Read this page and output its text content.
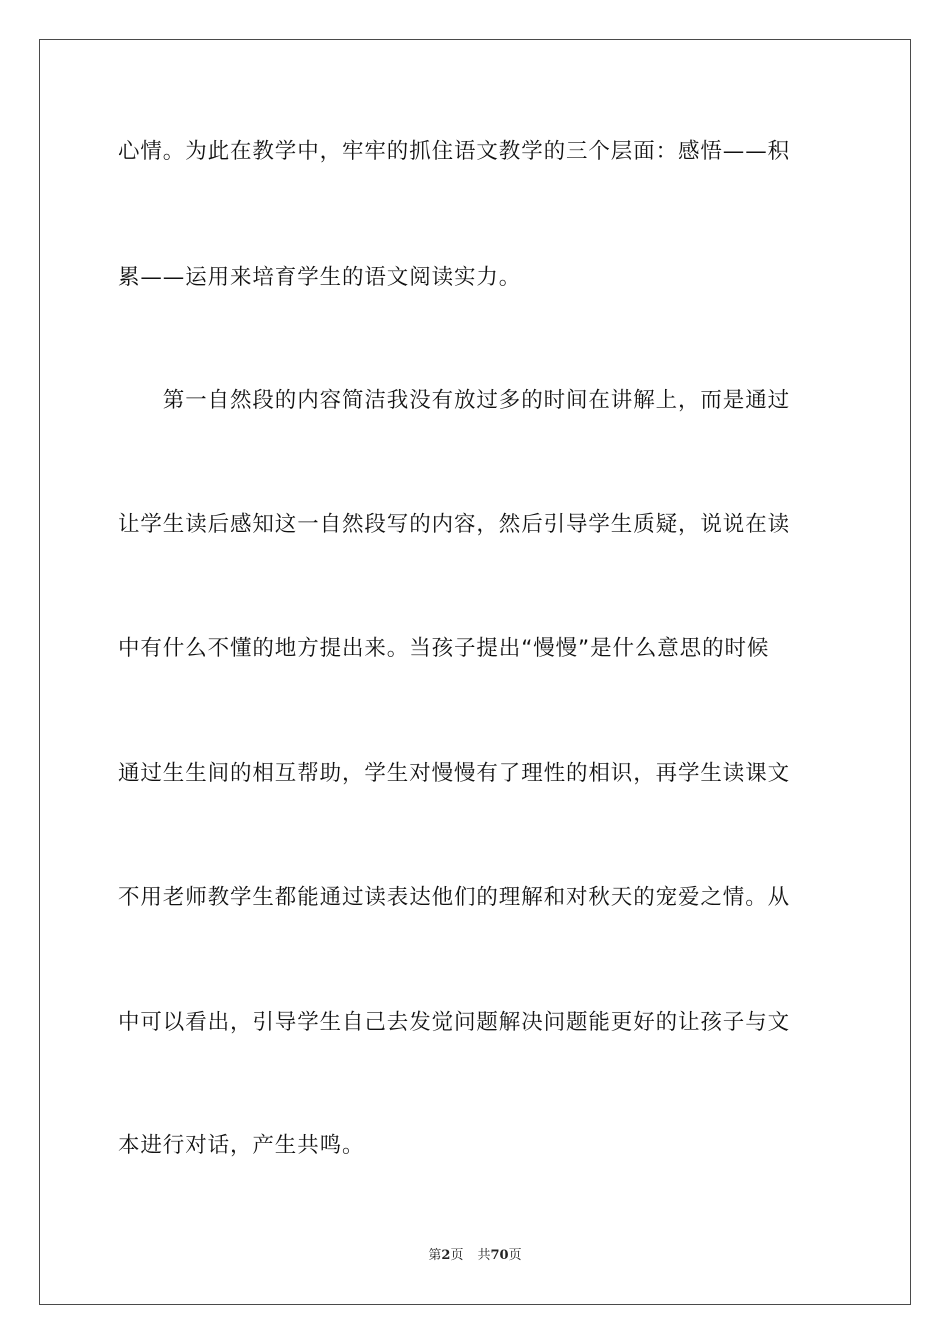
心情。为此在教学中，牢牢的抓住语文教学的三个层面：感悟——积
累——运用来培育学生的语文阅读实力。
　　第一自然段的内容简洁我没有放过多的时间在讲解上，而是通过
让学生读后感知这一自然段写的内容，然后引导学生质疑，说说在读
中有什么不懂的地方提出来。当孩子提出“慢慢”是什么意思的时候
通过生生间的相互帮助，学生对慢慢有了理性的相识，再学生读课文
不用老师教学生都能通过读表达他们的理解和对秋天的宠爱之情。从
中可以看出，引导学生自己去发觉问题解决问题能更好的让孩子与文
本进行对话，产生共鸣。
第2页 共70页
